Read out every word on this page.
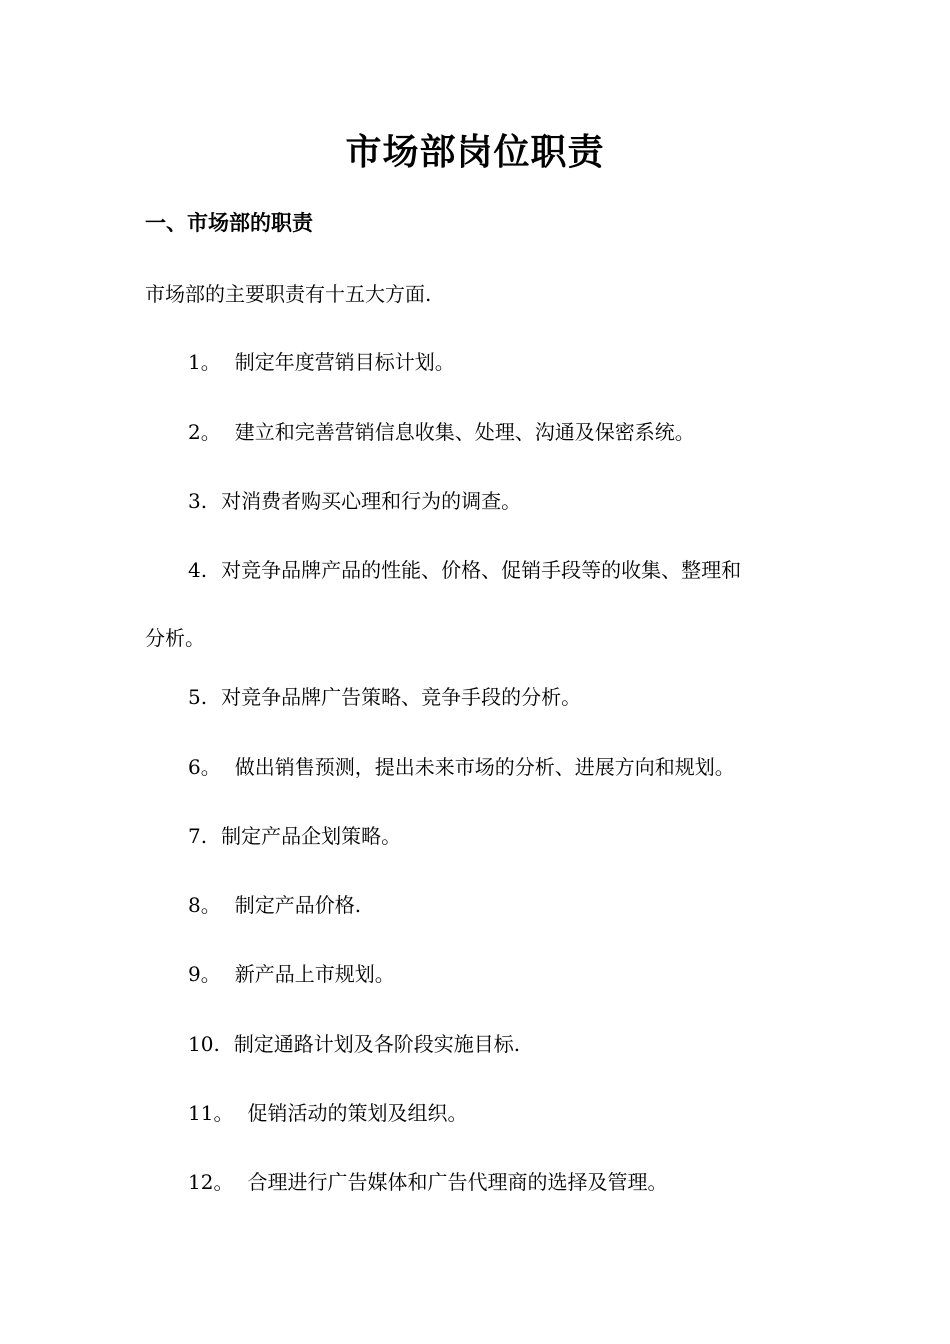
市场部岗位职责
一、市场部的职责
市场部的主要职责有十五大方面.
1。 制定年度营销目标计划。
2。 建立和完善营销信息收集、处理、沟通及保密系统。
3. 对消费者购买心理和行为的调查。
4. 对竞争品牌产品的性能、价格、促销手段等的收集、整理和
分析。
5. 对竞争品牌广告策略、竞争手段的分析。
6。 做出销售预测，提出未来市场的分析、进展方向和规划。
7. 制定产品企划策略。
8。 制定产品价格.
9。 新产品上市规划。
10. 制定通路计划及各阶段实施目标.
11。 促销活动的策划及组织。
12。 合理进行广告媒体和广告代理商的选择及管理。
